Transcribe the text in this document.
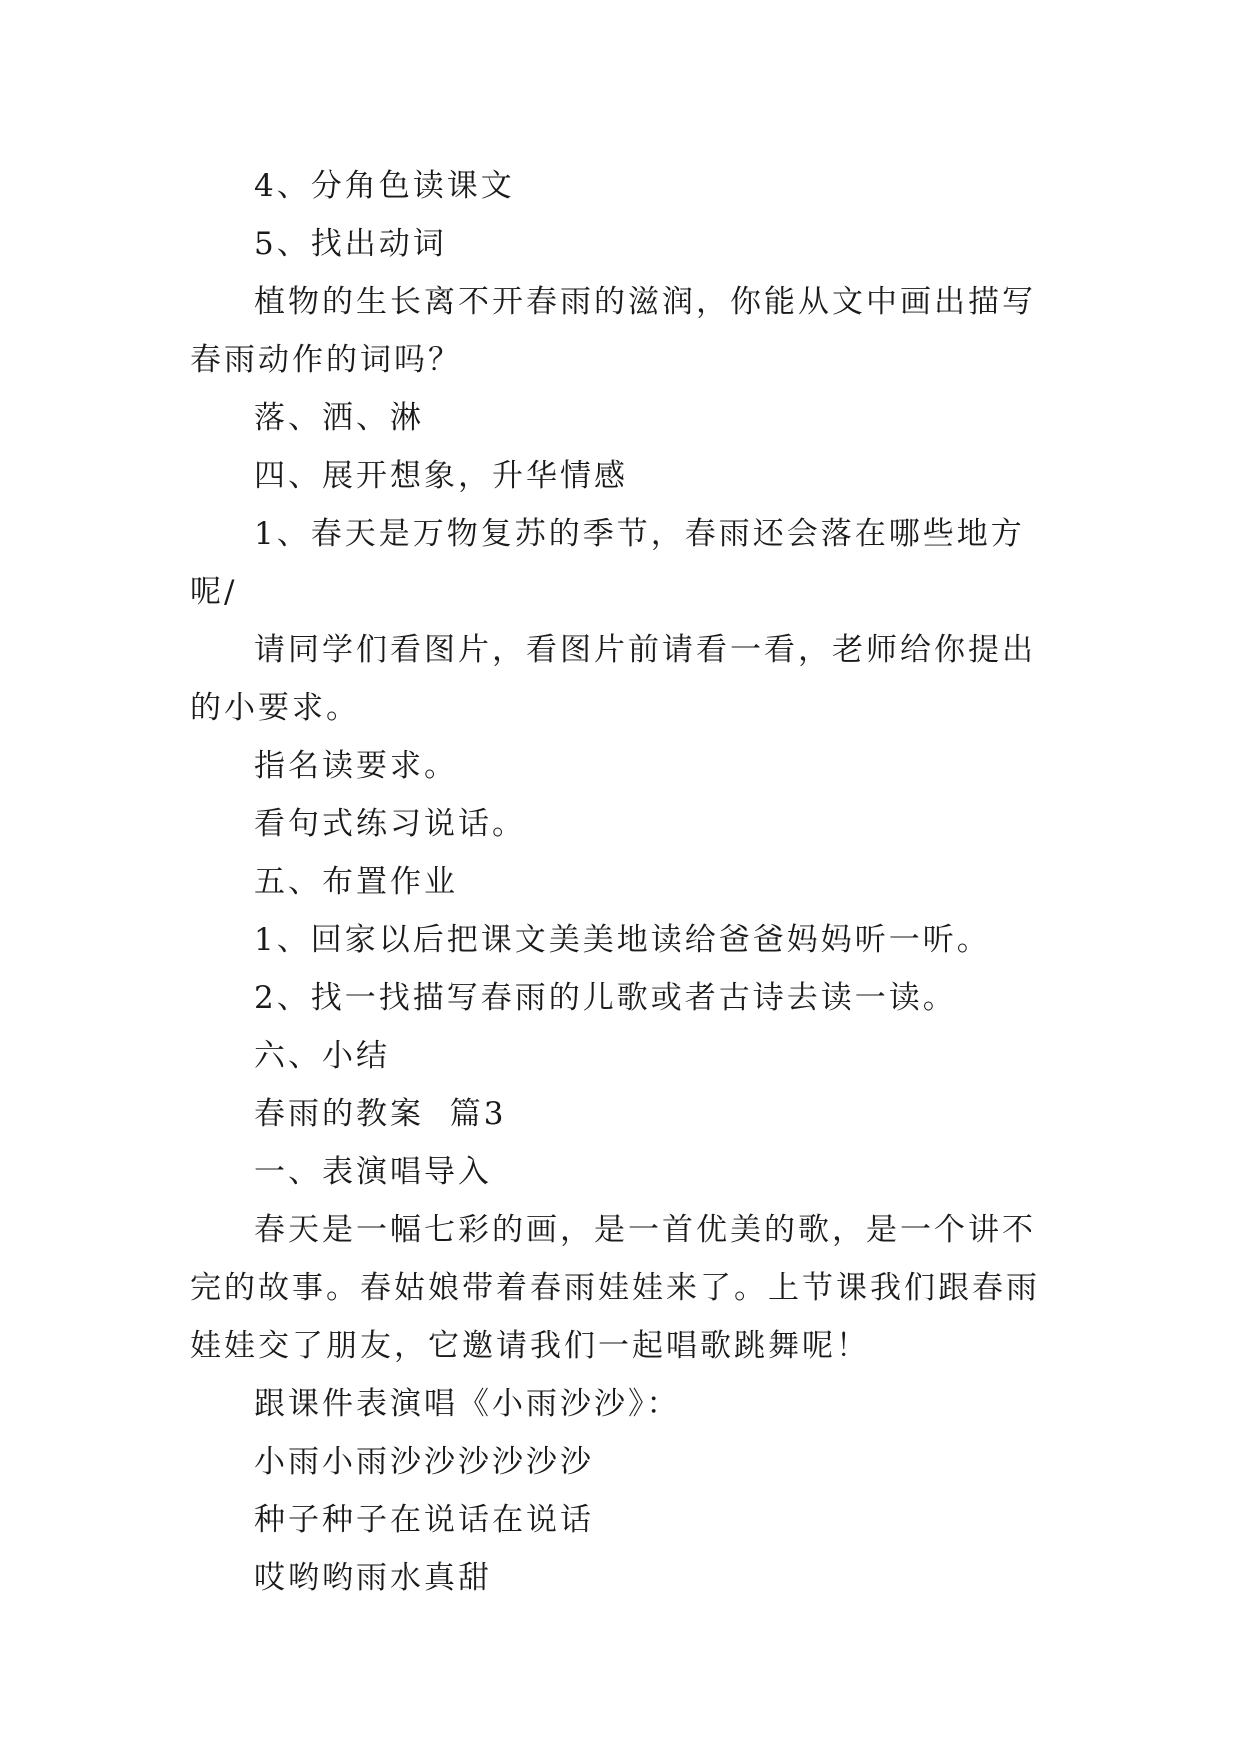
4、分角色读课文

5、找出动词

植物的生长离不开春雨的滋润，你能从文中画出描写春雨动作的词吗？

落、洒、淋

四、展开想象，升华情感

1、春天是万物复苏的季节，春雨还会落在哪些地方呢/

请同学们看图片，看图片前请看一看，老师给你提出的小要求。

指名读要求。

看句式练习说话。

五、布置作业

1、回家以后把课文美美地读给爸爸妈妈听一听。

2、找一找描写春雨的儿歌或者古诗去读一读。

六、小结

春雨的教案  篇3

一、表演唱导入

春天是一幅七彩的画，是一首优美的歌，是一个讲不完的故事。春姑娘带着春雨娃娃来了。上节课我们跟春雨娃娃交了朋友，它邀请我们一起唱歌跳舞呢！

跟课件表演唱《小雨沙沙》：

小雨小雨沙沙沙沙沙沙

种子种子在说话在说话

哎哟哟雨水真甜
